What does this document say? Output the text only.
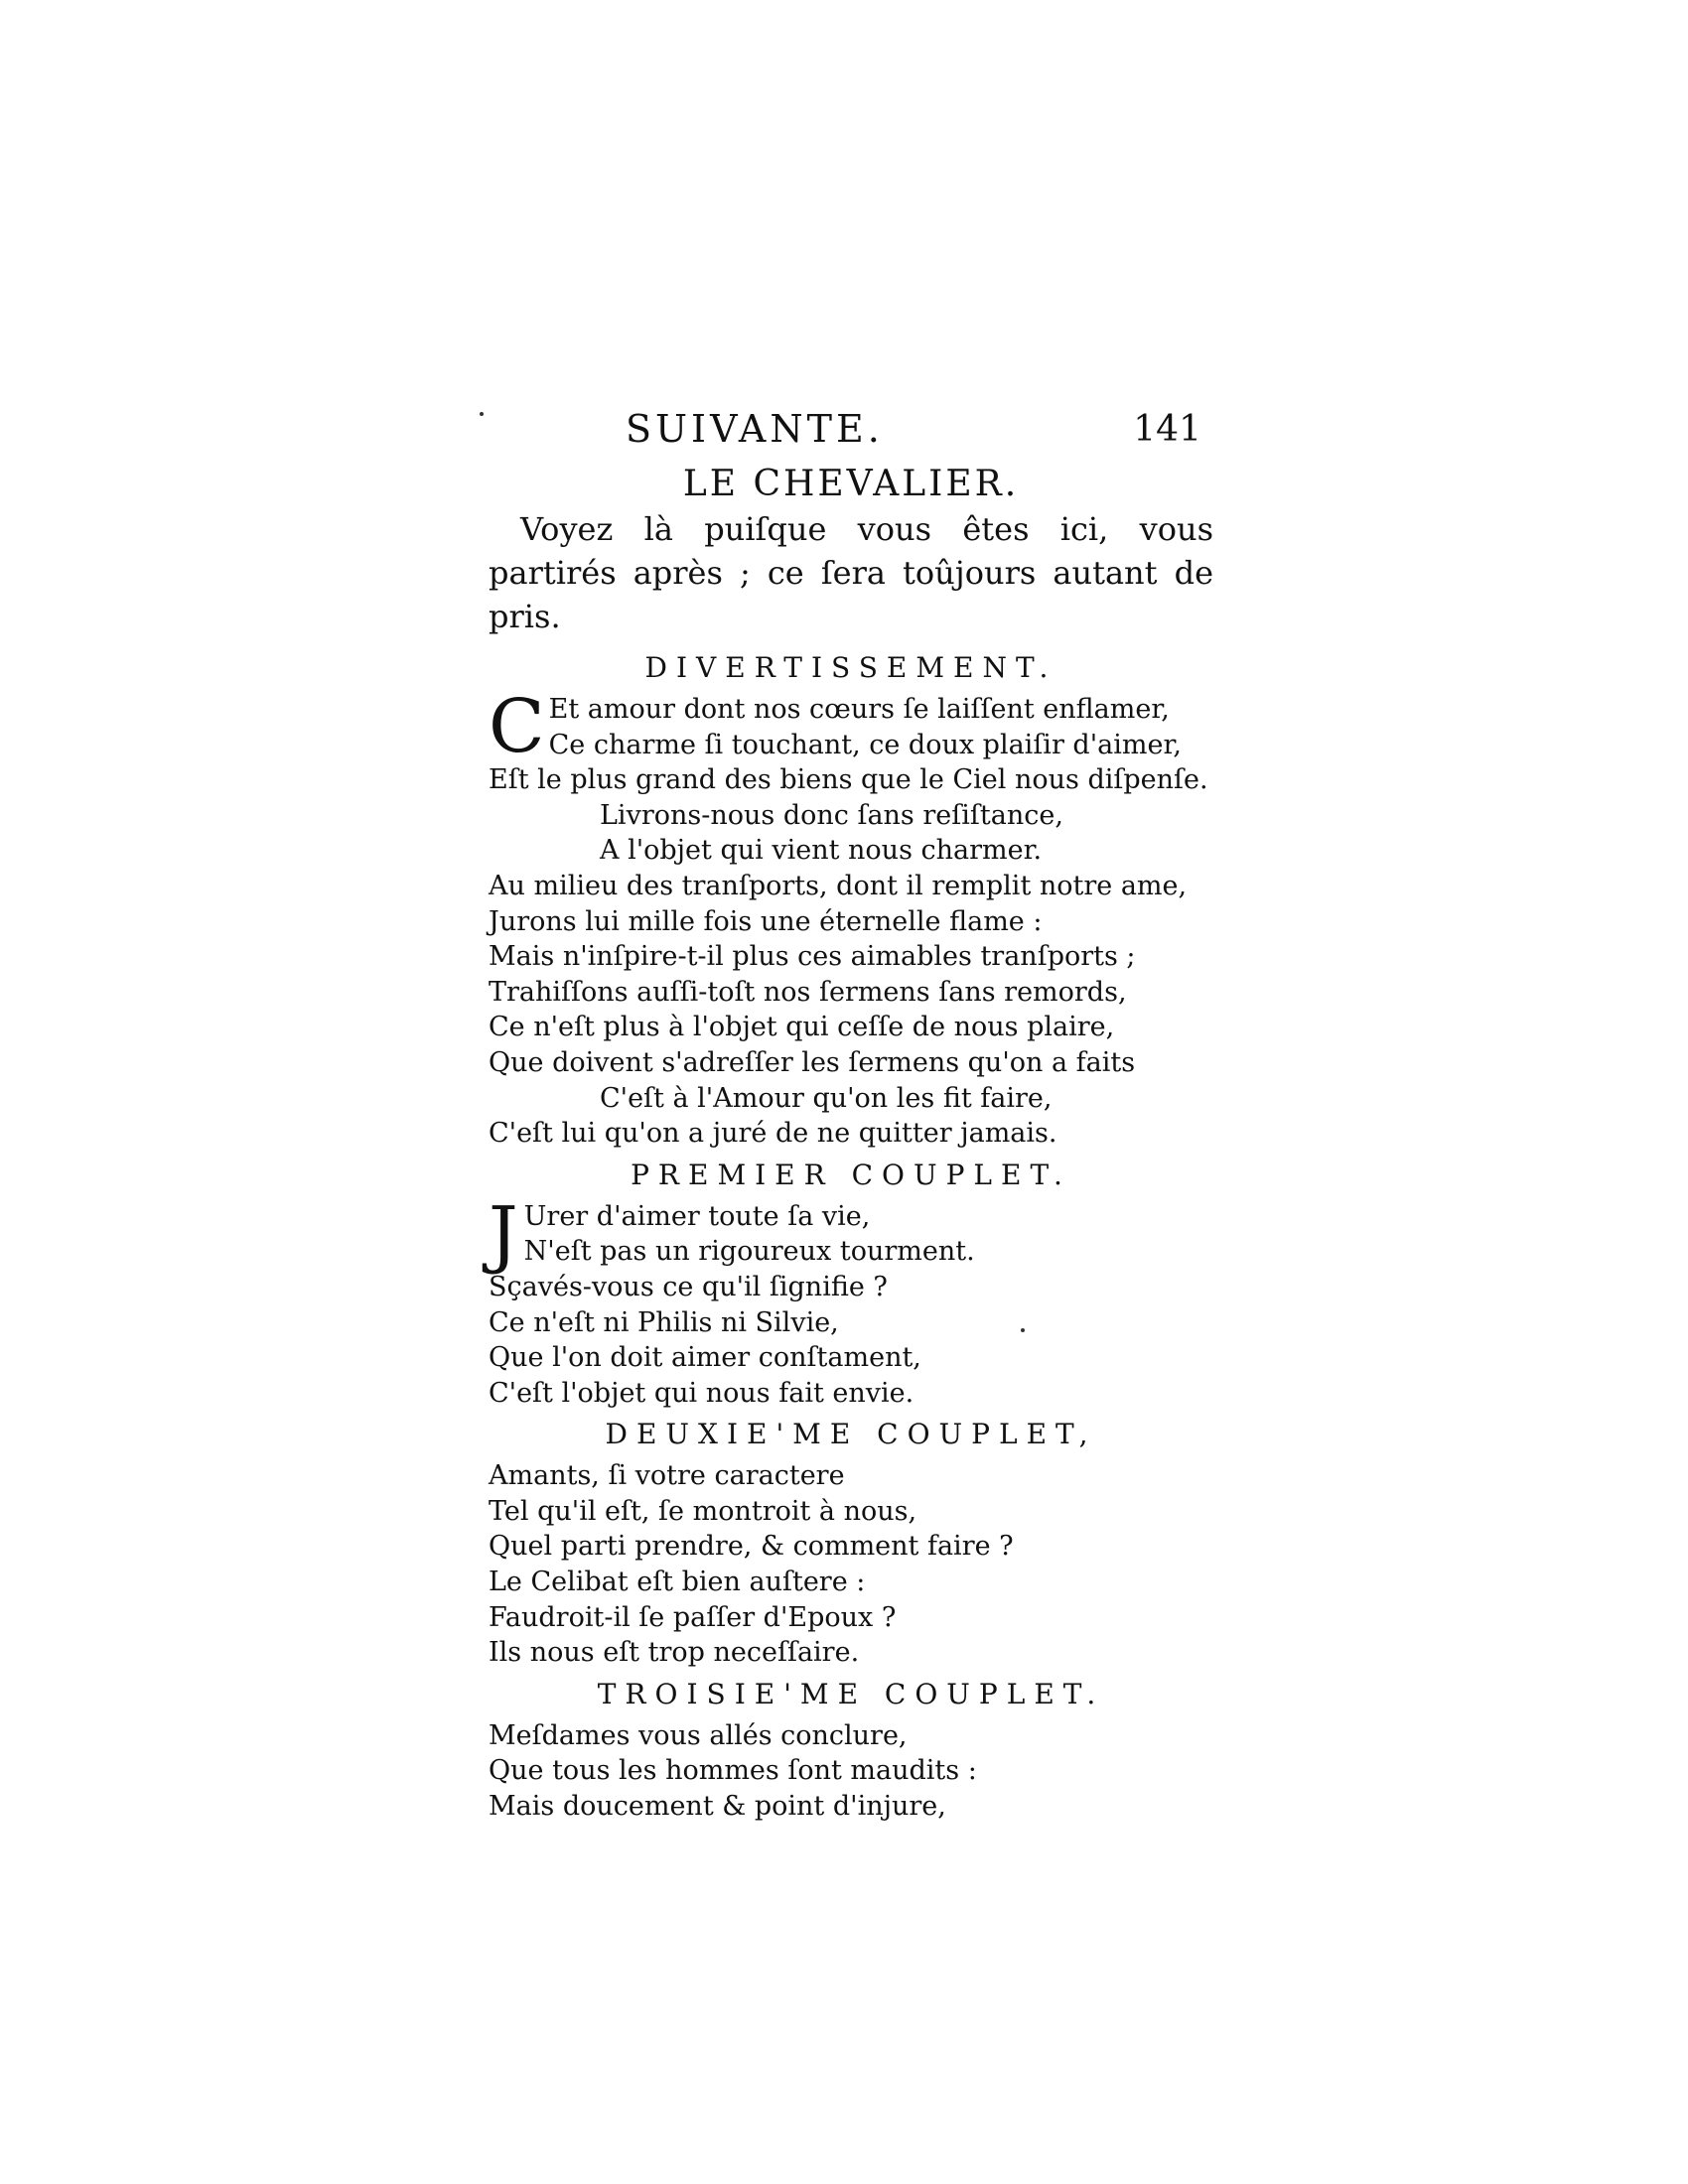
SUIVANTE.	141

LE CHEVALIER.

Voyez là puiſque vous êtes ici, vous partirés après ; ce ſera toûjours autant de pris.

DIVERTISSEMENT.

C Et amour dont nos cœurs ſe laiſſent enflamer,
Ce charme ſi touchant, ce doux plaiſir d'aimer,
Eſt le plus grand des biens que le Ciel nous diſpenſe.
Livrons-nous donc ſans reſiſtance,
A l'objet qui vient nous charmer.
Au milieu des tranſports, dont il remplit notre ame,
Jurons lui mille fois une éternelle flame :
Mais n'inſpire-t-il plus ces aimables tranſports ;
Trahiſſons auſſi-toſt nos ſermens ſans remords,
Ce n'eſt plus à l'objet qui ceſſe de nous plaire,
Que doivent s'adreſſer les ſermens qu'on a faits
C'eſt à l'Amour qu'on les fit faire,
C'eſt lui qu'on a juré de ne quitter jamais.

PREMIER COUPLET.

J Urer d'aimer toute ſa vie,
N'eſt pas un rigoureux tourment.
Sçavés-vous ce qu'il ſignifie ?
Ce n'eſt ni Philis ni Silvie,
Que l'on doit aimer conſtament,
C'eſt l'objet qui nous fait envie.

DEUXIE'ME COUPLET,

Amants, ſi votre caractere
Tel qu'il eſt, ſe montroit à nous,
Quel parti prendre, & comment faire ?
Le Celibat eſt bien auſtere :
Faudroit-il ſe paſſer d'Epoux ?
Ils nous eſt trop neceſſaire.

TROISIE'ME COUPLET.

Meſdames vous allés conclure,
Que tous les hommes ſont maudits :
Mais doucement & point d'injure,
